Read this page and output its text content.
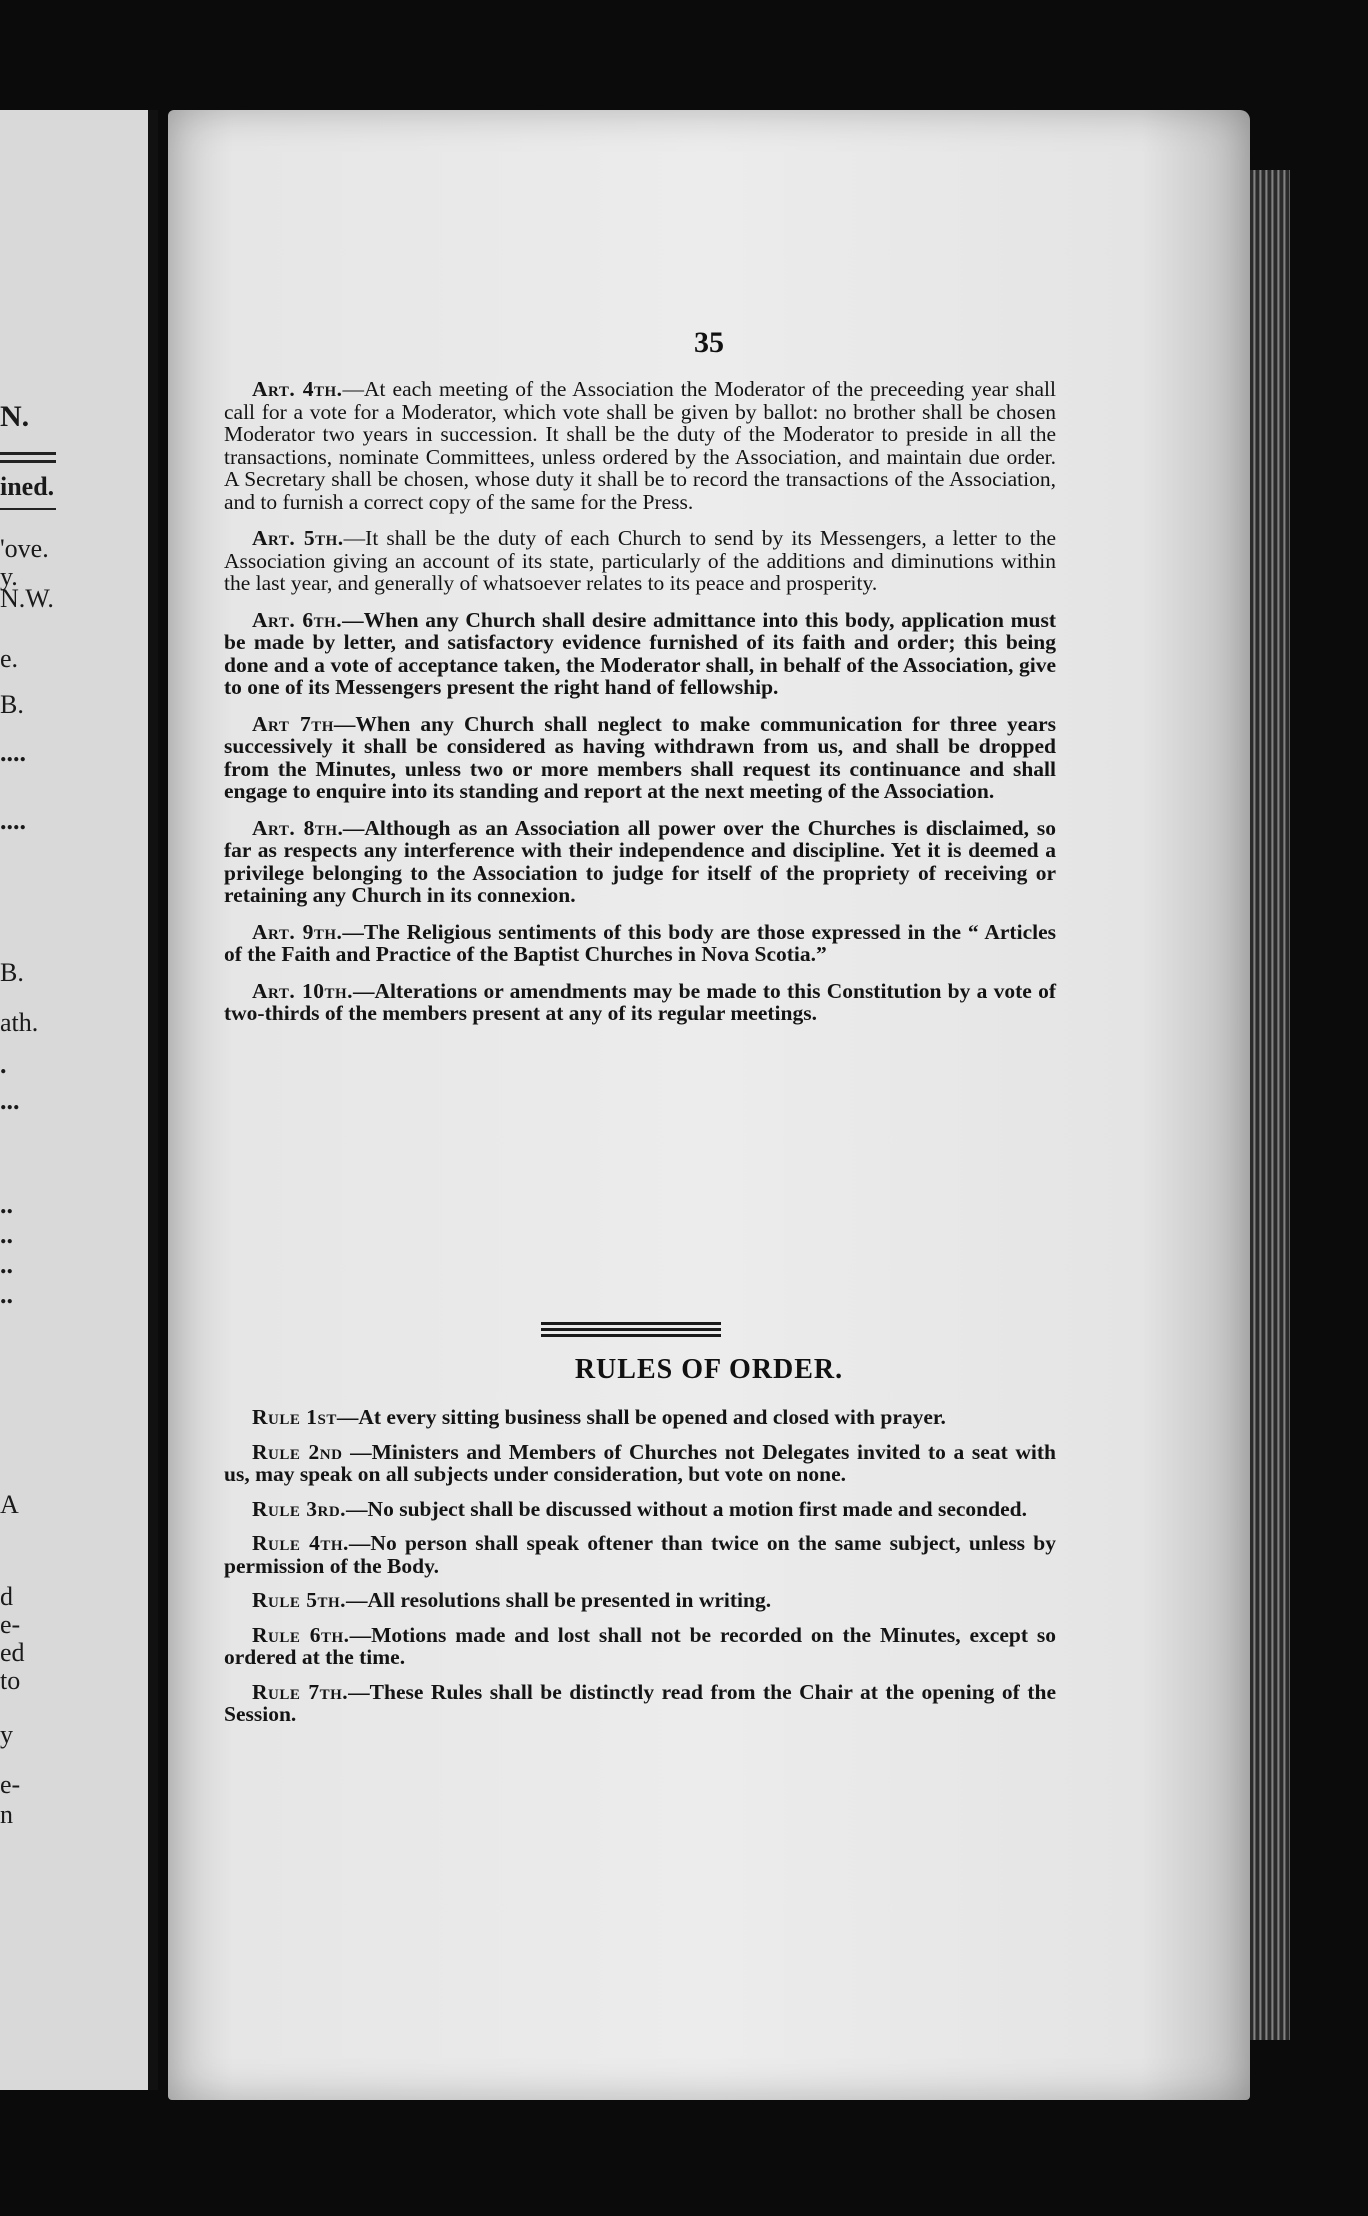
N.
ined.
'ove.
y.
N.W.
e.
B.
....
....
B.
ath.
.
...
..
..
..
..
A
d
e-
ed
to
y
e-
n
35

Art. 4th.—At each meeting of the Association the Moderator of the preceeding year shall call for a vote for a Moderator, which vote shall be given by ballot: no brother shall be chosen Moderator two years in succession. It shall be the duty of the Moderator to preside in all the transactions, nominate Committees, unless ordered by the Association, and maintain due order. A Secretary shall be chosen, whose duty it shall be to record the transactions of the Association, and to furnish a correct copy of the same for the Press.

Art. 5th.—It shall be the duty of each Church to send by its Messengers, a letter to the Association giving an account of its state, particularly of the additions and diminutions within the last year, and generally of whatsoever relates to its peace and prosperity.

Art. 6th.—When any Church shall desire admittance into this body, application must be made by letter, and satisfactory evidence furnished of its faith and order; this being done and a vote of acceptance taken, the Moderator shall, in behalf of the Association, give to one of its Messengers present the right hand of fellowship.

Art 7th—When any Church shall neglect to make communication for three years successively it shall be considered as having withdrawn from us, and shall be dropped from the Minutes, unless two or more members shall request its continuance and shall engage to enquire into its standing and report at the next meeting of the Association.

Art. 8th.—Although as an Association all power over the Churches is disclaimed, so far as respects any interference with their independence and discipline. Yet it is deemed a privilege belonging to the Association to judge for itself of the propriety of receiving or retaining any Church in its connexion.

Art. 9th.—The Religious sentiments of this body are those expressed in the “ Articles of the Faith and Practice of the Baptist Churches in Nova Scotia.”

Art. 10th.—Alterations or amendments may be made to this Constitution by a vote of two-thirds of the members present at any of its regular meetings.

RULES OF ORDER.

Rule 1st—At every sitting business shall be opened and closed with prayer.

Rule 2nd —Ministers and Members of Churches not Delegates invited to a seat with us, may speak on all subjects under consideration, but vote on none.

Rule 3rd.—No subject shall be discussed without a motion first made and seconded.

Rule 4th.—No person shall speak oftener than twice on the same subject, unless by permission of the Body.

Rule 5th.—All resolutions shall be presented in writing.

Rule 6th.—Motions made and lost shall not be recorded on the Minutes, except so ordered at the time.

Rule 7th.—These Rules shall be distinctly read from the Chair at the opening of the Session.
